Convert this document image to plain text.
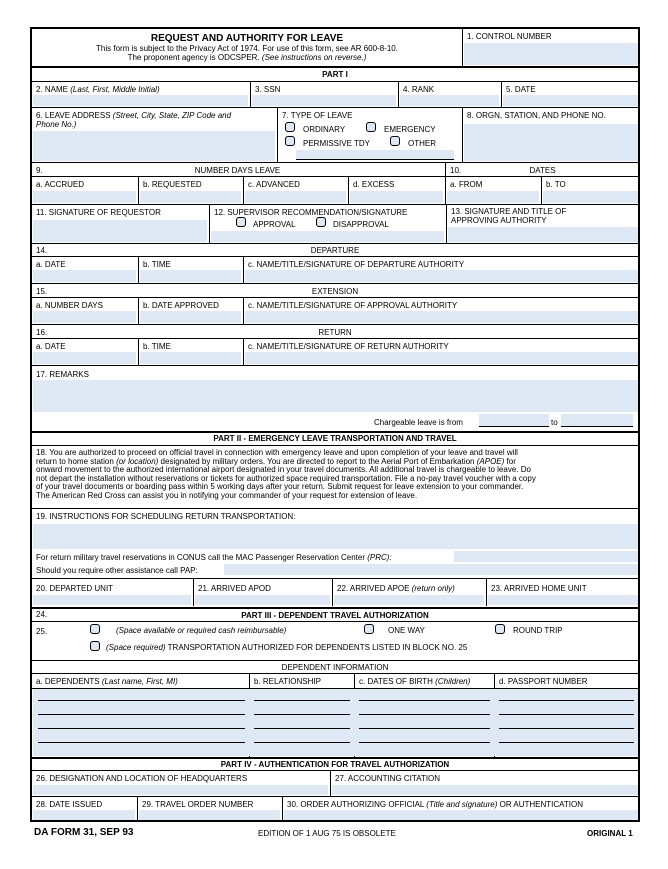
REQUEST AND AUTHORITY FOR LEAVE
This form is subject to the Privacy Act of 1974. For use of this form, see AR 600-8-10.
The proponent agency is ODCSPER. (See instructions on reverse.)
1. CONTROL NUMBER
PART I
2. NAME (Last, First, Middle Initial)	3. SSN	4. RANK	5. DATE
6. LEAVE ADDRESS (Street, City, State, ZIP Code and
Phone No.)
7. TYPE OF LEAVE
ORDINARY	EMERGENCY
PERMISSIVE TDY	OTHER
8. ORGN, STATION, AND PHONE NO.
9.	NUMBER DAYS LEAVE	10.	DATES
a. ACCRUED	b. REQUESTED	c. ADVANCED	d. EXCESS	a. FROM	b. TO
11. SIGNATURE OF REQUESTOR	12. SUPERVISOR RECOMMENDATION/SIGNATURE
APPROVAL	DISAPPROVAL
13. SIGNATURE AND TITLE OF
APPROVING AUTHORITY
14.	DEPARTURE
a. DATE	b. TIME	c. NAME/TITLE/SIGNATURE OF DEPARTURE AUTHORITY
15.	EXTENSION
a. NUMBER DAYS	b. DATE APPROVED	c. NAME/TITLE/SIGNATURE OF APPROVAL AUTHORITY
16.	RETURN
a. DATE	b. TIME	c. NAME/TITLE/SIGNATURE OF RETURN AUTHORITY
17. REMARKS
Chargeable leave is from	to
PART II - EMERGENCY LEAVE TRANSPORTATION AND TRAVEL
18. You are authorized to proceed on official travel in connection with emergency leave and upon completion of your leave and travel will
return to home station (or location) designated by military orders. You are directed to report to the Aerial Port of Embarkation (APOE) for
onward movement to the authorized international airport designated in your travel documents. All additional travel is chargeable to leave. Do
not depart the installation without reservations or tickets for authorized space required transportation. File a no-pay travel voucher with a copy
of your travel documents or boarding pass within 5 working days after your return. Submit request for leave extension to your commander.
The American Red Cross can assist you in notifying your commander of your request for extension of leave.
19. INSTRUCTIONS FOR SCHEDULING RETURN TRANSPORTATION:
For return military travel reservations in CONUS call the MAC Passenger Reservation Center (PRC):
Should you require other assistance call PAP:
20. DEPARTED UNIT	21. ARRIVED APOD	22. ARRIVED APOE (return only)	23. ARRIVED HOME UNIT
24.	PART III - DEPENDENT TRAVEL AUTHORIZATION
25.	(Space available or required cash reimbursable)	ONE WAY	ROUND TRIP
(Space required) TRANSPORTATION AUTHORIZED FOR DEPENDENTS LISTED IN BLOCK NO. 25
DEPENDENT INFORMATION
a. DEPENDENTS (Last name, First, MI)	b. RELATIONSHIP	c. DATES OF BIRTH (Children)	d. PASSPORT NUMBER
PART IV - AUTHENTICATION FOR TRAVEL AUTHORIZATION
26. DESIGNATION AND LOCATION OF HEADQUARTERS	27. ACCOUNTING CITATION
28. DATE ISSUED	29. TRAVEL ORDER NUMBER	30. ORDER AUTHORIZING OFFICIAL (Title and signature) OR AUTHENTICATION
DA FORM 31, SEP 93	EDITION OF 1 AUG 75 IS OBSOLETE	ORIGINAL 1
